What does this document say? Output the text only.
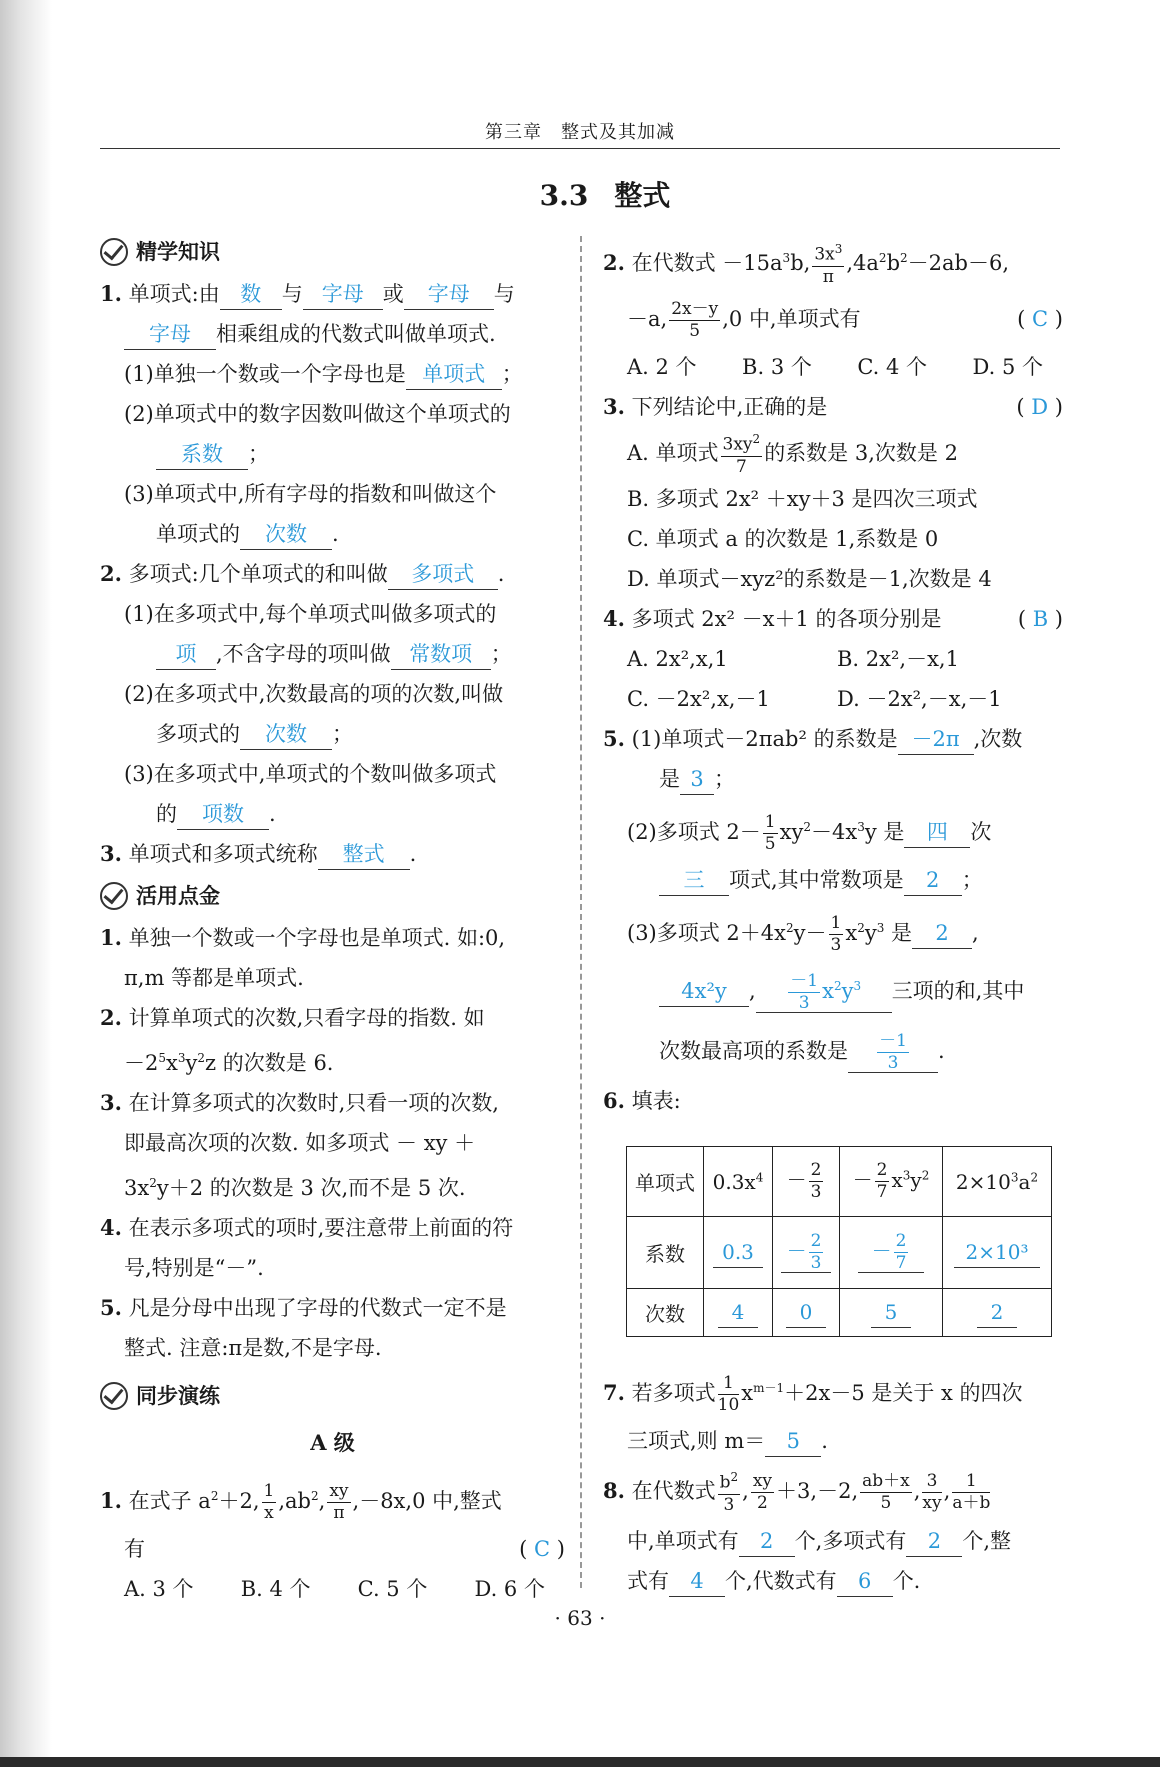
第三章　整式及其加减
3.3 整式
精学知识
1. 单项式:由 数 与 字母 或 字母 与
字母 相乘组成的代数式叫做单项式.
(1)单独一个数或一个字母也是 单项式 ；
(2)单项式中的数字因数叫做这个单项式的
系数 ；
(3)单项式中,所有字母的指数和叫做这个
单项式的 次数 .
2. 多项式:几个单项式的和叫做 多项式 .
(1)在多项式中,每个单项式叫做多项式的
项 ,不含字母的项叫做 常数项 ；
(2)在多项式中,次数最高的项的次数,叫做
多项式的 次数 ；
(3)在多项式中,单项式的个数叫做多项式
的 项数 .
3. 单项式和多项式统称 整式 .
活用点金
1. 单独一个数或一个字母也是单项式. 如:0,
π,m 等都是单项式.
2. 计算单项式的次数,只看字母的指数. 如
$-2^5x^3y^2z$ 的次数是 6.
3. 在计算多项式的次数时,只看一项的次数,
即最高次项的次数. 如多项式 － xy ＋
$3x^2y+2$ 的次数是 3 次,而不是 5 次.
4. 在表示多项式的项时,要注意带上前面的符
号,特别是“－”.
5. 凡是分母中出现了字母的代数式一定不是
整式. 注意:π是数,不是字母.
同步演练
A 级
1. 在式子 $a^2+2$, $\frac{1}{x} ,ab^2$, $\frac{xy}{\pi} ,-8x,0$ 中,整式
有	( C )
A. 3 个 B. 4 个 C. 5 个 D. 6 个
2. 在代数式 $-15a^3b$, $\frac{3x^3}{\pi} ,4a^2b^2-2ab-6$,
－a, $\frac{2x-y}{5} ,0$ 中,单项式有	( C )
A. 2 个 B. 3 个 C. 4 个 D. 5 个
3. 下列结论中,正确的是	( D )
A. 单项式 $\frac{3xy^2}{7}$ 的系数是 3,次数是 2
B. 多项式 2x² ＋xy＋3 是四次三项式
C. 单项式 a 的次数是 1,系数是 0
D. 单项式－xyz²的系数是－1,次数是 4
4. 多项式 2x² －x＋1 的各项分别是	( B )
A. 2x²,x,1	B. 2x²,－x,1
C. －2x²,x,－1	D. －2x²,－x,－1
5. (1)单项式－2πab² 的系数是 －2π ,次数
是 3 ；
(2)多项式 $2- \frac{1}{5} xy^2-4x^3y$ 是 四 次
三 项式,其中常数项是 2 ；
(3)多项式 $2+4x^2y- \frac{1}{3} x^2y^3$ 是 2 ,
4x²y , $\frac{-1}{3} x^2y^3$ 三项的和,其中
次数最高项的系数是 $\frac{-1}{3}$ .
6. 填表:
单项式	$0.3x^4$	－ $\frac{2}{3}$	－ $\frac{2}{7} x^3y^2$	$2\times 10^3a^2$
系数	0.3	－ $\frac{2}{3}$	－ $\frac{2}{7}$	2×10³
次数	4	0	5	2
7. 若多项式 $\frac{1}{10} x^{m-1}+2x-5$ 是关于 x 的四次
三项式,则 m＝ 5 .
8. 在代数式 $\frac{b^2}{3}$ , $\frac{xy}{2} +3,-2$, $\frac{ab+x}{5}$ , $\frac{3}{xy}$ , $\frac{1}{a+b}$
中,单项式有 2 个,多项式有 2 个,整
式有 4 个,代数式有 6 个.
· 63 ·
